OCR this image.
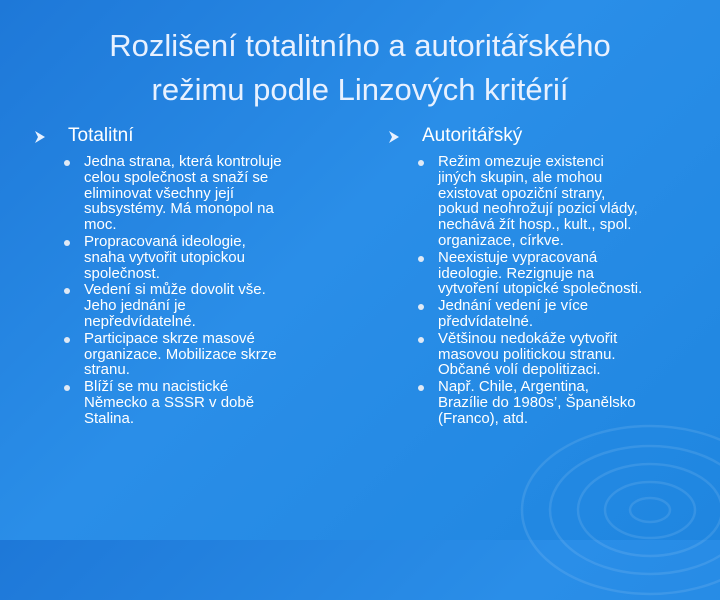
Rozlišení totalitního a autoritářského
režimu podle Linzových kritérií
Totalitní
Jedna strana, která kontroluje
celou společnost a snaží se
eliminovat všechny její
subsystémy. Má monopol na
moc.
Propracovaná ideologie,
snaha vytvořit utopickou
společnost.
Vedení si může dovolit vše.
Jeho jednání je
nepředvídatelné.
Participace skrze masové
organizace. Mobilizace skrze
stranu.
Blíží se mu nacistické
Německo a SSSR v době
Stalina.
Autoritářský
Režim omezuje existenci
jiných skupin, ale mohou
existovat opoziční strany,
pokud neohrožují pozici vlády,
nechává žít hosp., kult., spol.
organizace, církve.
Neexistuje vypracovaná
ideologie. Rezignuje na
vytvoření utopické společnosti.
Jednání vedení je více
předvídatelné.
Většinou nedokáže vytvořit
masovou politickou stranu.
Občané volí depolitizaci.
Např. Chile, Argentina,
Brazílie do 1980s’, Španělsko
(Franco), atd.
